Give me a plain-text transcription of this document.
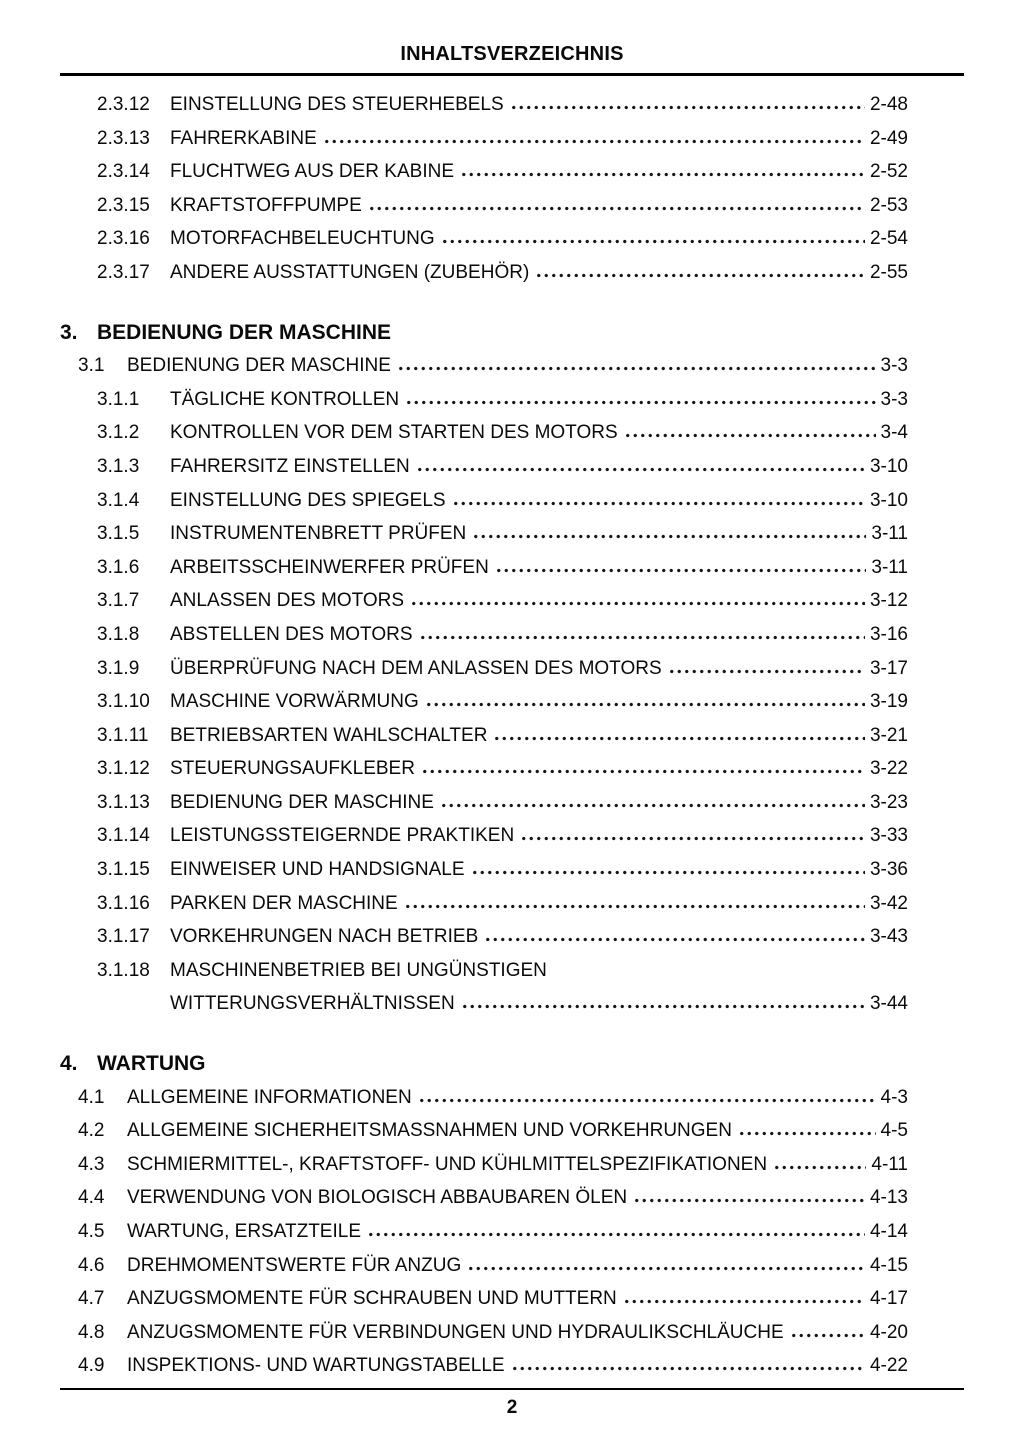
INHALTSVERZEICHNIS
2.3.12	EINSTELLUNG DES STEUERHEBELS	2-48
2.3.13	FAHRERKABINE	2-49
2.3.14	FLUCHTWEG AUS DER KABINE	2-52
2.3.15	KRAFTSTOFFPUMPE	2-53
2.3.16	MOTORFACHBELEUCHTUNG	2-54
2.3.17	ANDERE AUSSTATTUNGEN (ZUBEHÖR)	2-55
3. BEDIENUNG DER MASCHINE
3.1	BEDIENUNG DER MASCHINE	3-3
3.1.1	TÄGLICHE KONTROLLEN	3-3
3.1.2	KONTROLLEN VOR DEM STARTEN DES MOTORS	3-4
3.1.3	FAHRERSITZ EINSTELLEN	3-10
3.1.4	EINSTELLUNG DES SPIEGELS	3-10
3.1.5	INSTRUMENTENBRETT PRÜFEN	3-11
3.1.6	ARBEITSSCHEINWERFER PRÜFEN	3-11
3.1.7	ANLASSEN DES MOTORS	3-12
3.1.8	ABSTELLEN DES MOTORS	3-16
3.1.9	ÜBERPRÜFUNG NACH DEM ANLASSEN DES MOTORS	3-17
3.1.10	MASCHINE VORWÄRMUNG	3-19
3.1.11	BETRIEBSARTEN WAHLSCHALTER	3-21
3.1.12	STEUERUNGSAUFKLEBER	3-22
3.1.13	BEDIENUNG DER MASCHINE	3-23
3.1.14	LEISTUNGSSTEIGERNDE PRAKTIKEN	3-33
3.1.15	EINWEISER UND HANDSIGNALE	3-36
3.1.16	PARKEN DER MASCHINE	3-42
3.1.17	VORKEHRUNGEN NACH BETRIEB	3-43
3.1.18	MASCHINENBETRIEB BEI UNGÜNSTIGEN
WITTERUNGSVERHÄLTNISSEN	3-44
4. WARTUNG
4.1	ALLGEMEINE INFORMATIONEN	4-3
4.2	ALLGEMEINE SICHERHEITSMASSNAHMEN UND VORKEHRUNGEN	4-5
4.3	SCHMIERMITTEL-, KRAFTSTOFF- UND KÜHLMITTELSPEZIFIKATIONEN	4-11
4.4	VERWENDUNG VON BIOLOGISCH ABBAUBAREN ÖLEN	4-13
4.5	WARTUNG, ERSATZTEILE	4-14
4.6	DREHMOMENTSWERTE FÜR ANZUG	4-15
4.7	ANZUGSMOMENTE FÜR SCHRAUBEN UND MUTTERN	4-17
4.8	ANZUGSMOMENTE FÜR VERBINDUNGEN UND HYDRAULIKSCHLÄUCHE	4-20
4.9	INSPEKTIONS- UND WARTUNGSTABELLE	4-22
2
